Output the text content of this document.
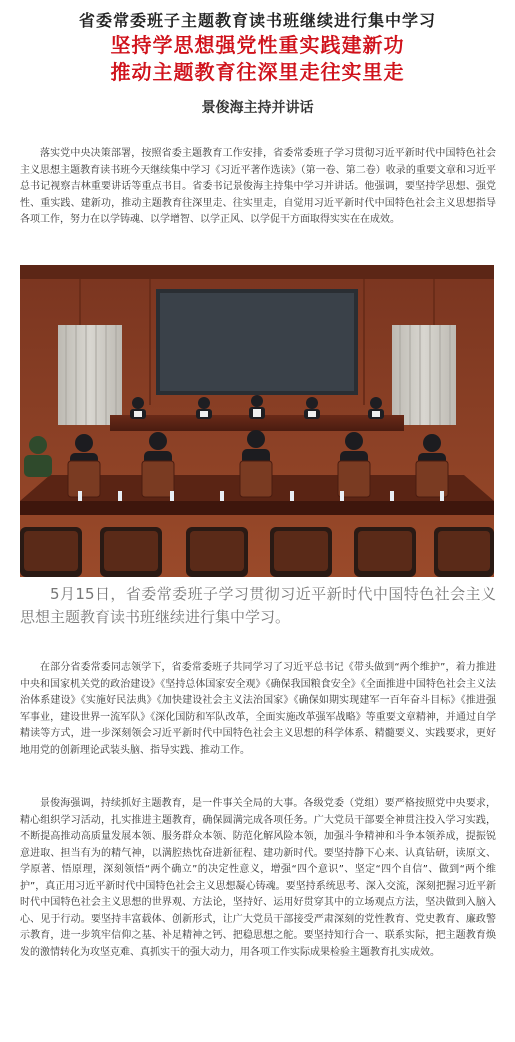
省委常委班子主题教育读书班继续进行集中学习
坚持学思想强党性重实践建新功
推动主题教育往深里走往实里走
景俊海主持并讲话

落实党中央决策部署，按照省委主题教育工作安排，省委常委班子学习贯彻习近平新时代中国特色社会主义思想主题教育读书班今天继续集中学习《习近平著作选读》（第一卷、第二卷）收录的重要文章和习近平总书记视察吉林重要讲话等重点书目。省委书记景俊海主持集中学习并讲话。他强调，要坚持学思想、强党性、重实践、建新功，推动主题教育往深里走、往实里走，自觉用习近平新时代中国特色社会主义思想指导各项工作，努力在以学铸魂、以学增智、以学正风、以学促干方面取得实实在在成效。

5月15日，省委常委班子学习贯彻习近平新时代中国特色社会主义思想主题教育读书班继续进行集中学习。

在部分省委常委同志领学下，省委常委班子共同学习了习近平总书记《带头做到“两个维护”，着力推进中央和国家机关党的政治建设》《坚持总体国家安全观》《确保我国粮食安全》《全面推进中国特色社会主义法治体系建设》《实施好民法典》《加快建设社会主义法治国家》《确保如期实现建军一百年奋斗目标》《推进强军事业，建设世界一流军队》《深化国防和军队改革，全面实施改革强军战略》等重要文章精神，并通过自学精读等方式，进一步深刻领会习近平新时代中国特色社会主义思想的科学体系、精髓要义、实践要求，更好地用党的创新理论武装头脑、指导实践、推动工作。

景俊海强调，持续抓好主题教育，是一件事关全局的大事。各级党委（党组）要严格按照党中央要求，精心组织学习活动，扎实推进主题教育，确保圆满完成各项任务。广大党员干部要全神贯注投入学习实践，不断提高推动高质量发展本领、服务群众本领、防范化解风险本领，加强斗争精神和斗争本领养成，提振锐意进取、担当有为的精气神，以满腔热忱奋进新征程、建功新时代。要坚持静下心来、认真钻研，读原文、学原著、悟原理，深刻领悟“两个确立”的决定性意义，增强“四个意识”、坚定“四个自信”、做到“两个维护”，真正用习近平新时代中国特色社会主义思想凝心铸魂。要坚持系统思考、深入交流，深刻把握习近平新时代中国特色社会主义思想的世界观、方法论，坚持好、运用好贯穿其中的立场观点方法，坚决做到入脑入心、见于行动。要坚持丰富载体、创新形式，让广大党员干部接受严肃深刻的党性教育、党史教育、廉政警示教育，进一步筑牢信仰之基、补足精神之钙、把稳思想之舵。要坚持知行合一、联系实际，把主题教育焕发的激情转化为攻坚克难、真抓实干的强大动力，用各项工作实际成果检验主题教育扎实成效。
